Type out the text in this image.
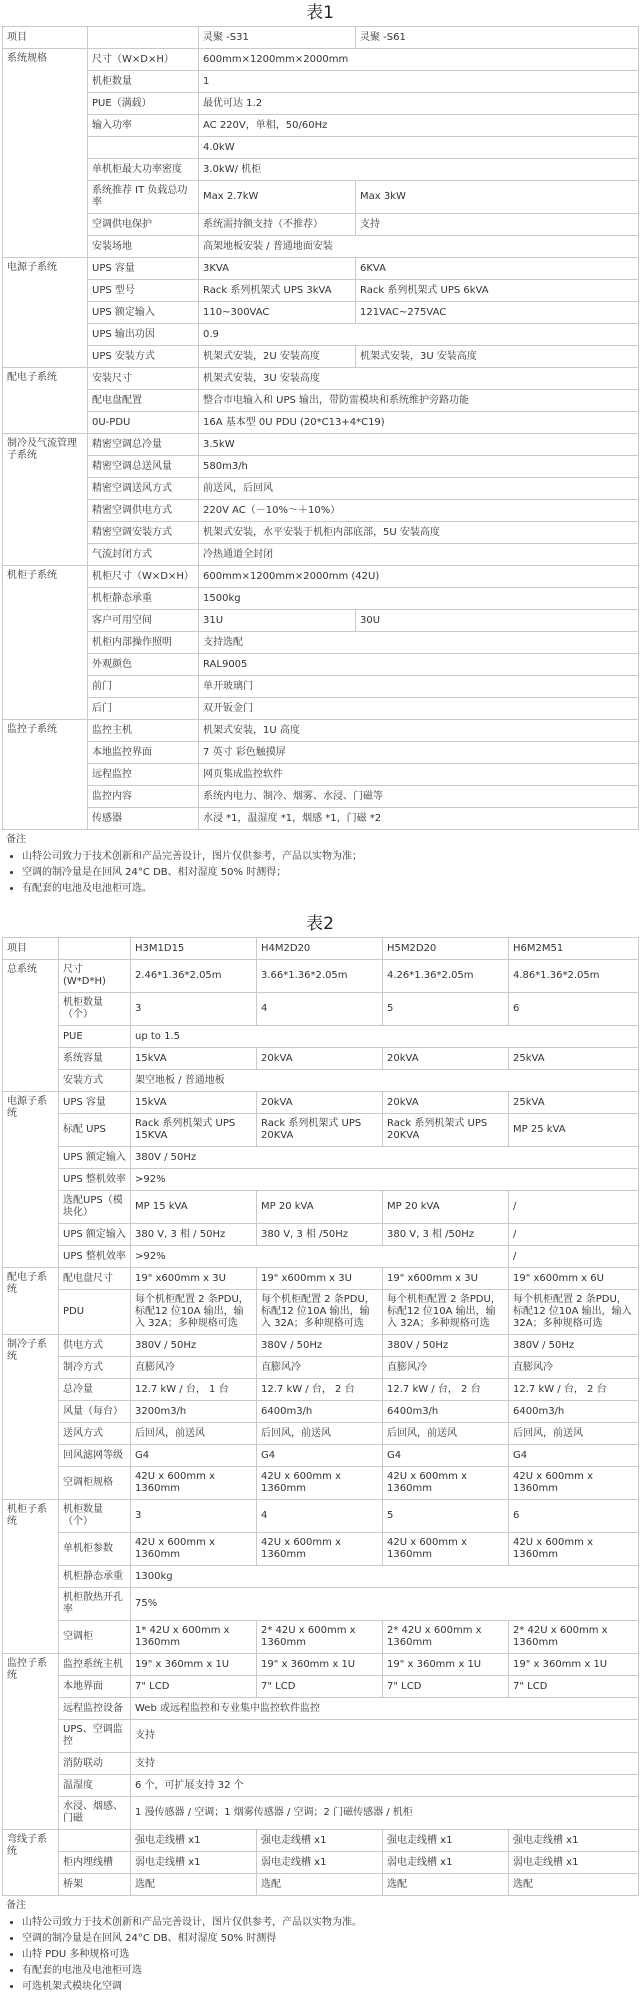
表1
项目		灵聚 -S31	灵聚 -S61
系统规格	尺寸（W×D×H）	600mm×1200mm×2000mm	
	机柜数量	1	
	PUE（满载）	最优可达 1.2	
	输入功率	AC 220V，单相，50/60Hz	
		4.0kW	
	单机柜最大功率密度	3.0kW/ 机柜	
	系统推荐 IT 负载总功率	Max 2.7kW	Max 3kW
	空调供电保护	系统需持额支持（不推荐）	支持
	安装场地	高架地板安装 / 普通地面安装	
电源子系统	UPS 容量	3KVA	6KVA
	UPS 型号	Rack 系列机架式 UPS 3kVA	Rack 系列机架式 UPS 6kVA
	UPS 额定输入	110~300VAC	121VAC~275VAC
	UPS 输出功因	0.9	
	UPS 安装方式	机架式安装，2U 安装高度	机架式安装，3U 安装高度
配电子系统	安装尺寸	机架式安装，3U 安装高度	
	配电盘配置	整合市电输入和 UPS 输出，带防雷模块和系统维护旁路功能	
	0U-PDU	16A 基本型 0U PDU (20*C13+4*C19)	
制冷及气流管理子系统	精密空调总冷量	3.5kW	
	精密空调总送风量	580m3/h	
	精密空调送风方式	前送风，后回风	
	精密空调供电方式	220V AC（－10%～＋10%）	
	精密空调安装方式	机架式安装，水平安装于机柜内部底部，5U 安装高度	
	气流封闭方式	冷热通道全封闭	
机柜子系统	机柜尺寸（W×D×H）	600mm×1200mm×2000mm (42U)	
	机柜静态承重	1500kg	
	客户可用空间	31U	30U
	机柜内部操作照明	支持选配	
	外观颜色	RAL9005	
	前门	单开玻璃门	
	后门	双开钣金门	
监控子系统	监控主机	机架式安装，1U 高度	
	本地监控界面	7 英寸 彩色触摸屏	
	远程监控	网页集成监控软件	
	监控内容	系统内电力、制冷、烟雾、水浸、门磁等	
	传感器	水浸 *1，温湿度 *1，烟感 *1，门磁 *2	
备注
• 山特公司致力于技术创新和产品完善设计，图片仅供参考，产品以实物为准；
• 空调的制冷量是在回风 24°C DB、相对湿度 50% 时测得；
• 有配套的电池及电池柜可选。
表2
项目		H3M1D15	H4M2D20	H5M2D20	H6M2M51
总系统	尺寸 (W*D*H)	2.46*1.36*2.05m	3.66*1.36*2.05m	4.26*1.36*2.05m	4.86*1.36*2.05m
	机柜数量（个）	3	4	5	6
	PUE	up to 1.5			
	系统容量	15kVA	20kVA	20kVA	25kVA
	安装方式	架空地板 / 普通地板			
电源子系统	UPS 容量	15kVA	20kVA	20kVA	25kVA
	标配 UPS	Rack 系列机架式 UPS 15KVA	Rack 系列机架式 UPS 20KVA	Rack 系列机架式 UPS 20KVA	MP 25 kVA
	UPS 额定输入	380V / 50Hz			
	UPS 整机效率	>92%			
	选配UPS（模块化）	MP 15 kVA	MP 20 kVA	MP 20 kVA	/
	UPS 额定输入	380 V, 3 相 / 50Hz	380 V, 3 相 /50Hz	380 V, 3 相 /50Hz	/
	UPS 整机效率	>92%			/
配电子系统	配电盘尺寸	19" x600mm x 3U	19" x600mm x 3U	19" x600mm x 3U	19" x600mm x 6U
	PDU	每个机柜配置 2 条PDU，标配12 位10A 输出，输入 32A；多种规格可选	每个机柜配置 2 条PDU，标配12 位10A 输出，输入 32A；多种规格可选	每个机柜配置 2 条PDU，标配12 位10A 输出，输入 32A；多种规格可选	每个机柜配置 2 条PDU，标配12 位10A 输出，输入 32A；多种规格可选
制冷子系统	供电方式	380V / 50Hz	380V / 50Hz	380V / 50Hz	380V / 50Hz
	制冷方式	直膨风冷	直膨风冷	直膨风冷	直膨风冷
	总冷量	12.7 kW / 台， 1 台	12.7 kW / 台， 2 台	12.7 kW / 台， 2 台	12.7 kW / 台， 2 台
	风量（每台）	3200m3/h	6400m3/h	6400m3/h	6400m3/h
	送风方式	后回风，前送风	后回风，前送风	后回风，前送风	后回风，前送风
	回风滤网等级	G4	G4	G4	G4
	空调柜规格	42U x 600mm x 1360mm	42U x 600mm x 1360mm	42U x 600mm x 1360mm	42U x 600mm x 1360mm
机柜子系统	机柜数量（个）	3	4	5	6
	单机柜参数	42U x 600mm x 1360mm	42U x 600mm x 1360mm	42U x 600mm x 1360mm	42U x 600mm x 1360mm
	机柜静态承重	1300kg			
	机柜散热开孔率	75%			
	空调柜	1* 42U x 600mm x 1360mm	2* 42U x 600mm x 1360mm	2* 42U x 600mm x 1360mm	2* 42U x 600mm x 1360mm
监控子系统	监控系统主机	19" x 360mm x 1U	19" x 360mm x 1U	19" x 360mm x 1U	19" x 360mm x 1U
	本地界面	7" LCD	7" LCD	7" LCD	7" LCD
	远程监控设备	Web 或远程监控和专业集中监控软件监控			
	UPS、空调监控	支持			
	消防联动	支持			
	温湿度	6 个，可扩展支持 32 个			
	水浸、烟感、门磁	1 漫传感器 / 空调；1 烟雾传感器 / 空调；2 门磁传感器 / 机柜			
弯线子系统		强电走线槽 x1	强电走线槽 x1	强电走线槽 x1	强电走线槽 x1
	柜内埋线槽	弱电走线槽 x1	弱电走线槽 x1	弱电走线槽 x1	弱电走线槽 x1
	桥架	选配	选配	选配	选配
备注
• 山特公司致力于技术创新和产品完善设计，图片仅供参考，产品以实物为准。
• 空调的制冷量是在回风 24°C DB、相对湿度 50% 时测得
• 山特 PDU 多种规格可选
• 有配套的电池及电池柜可选
• 可选机架式模块化空调
